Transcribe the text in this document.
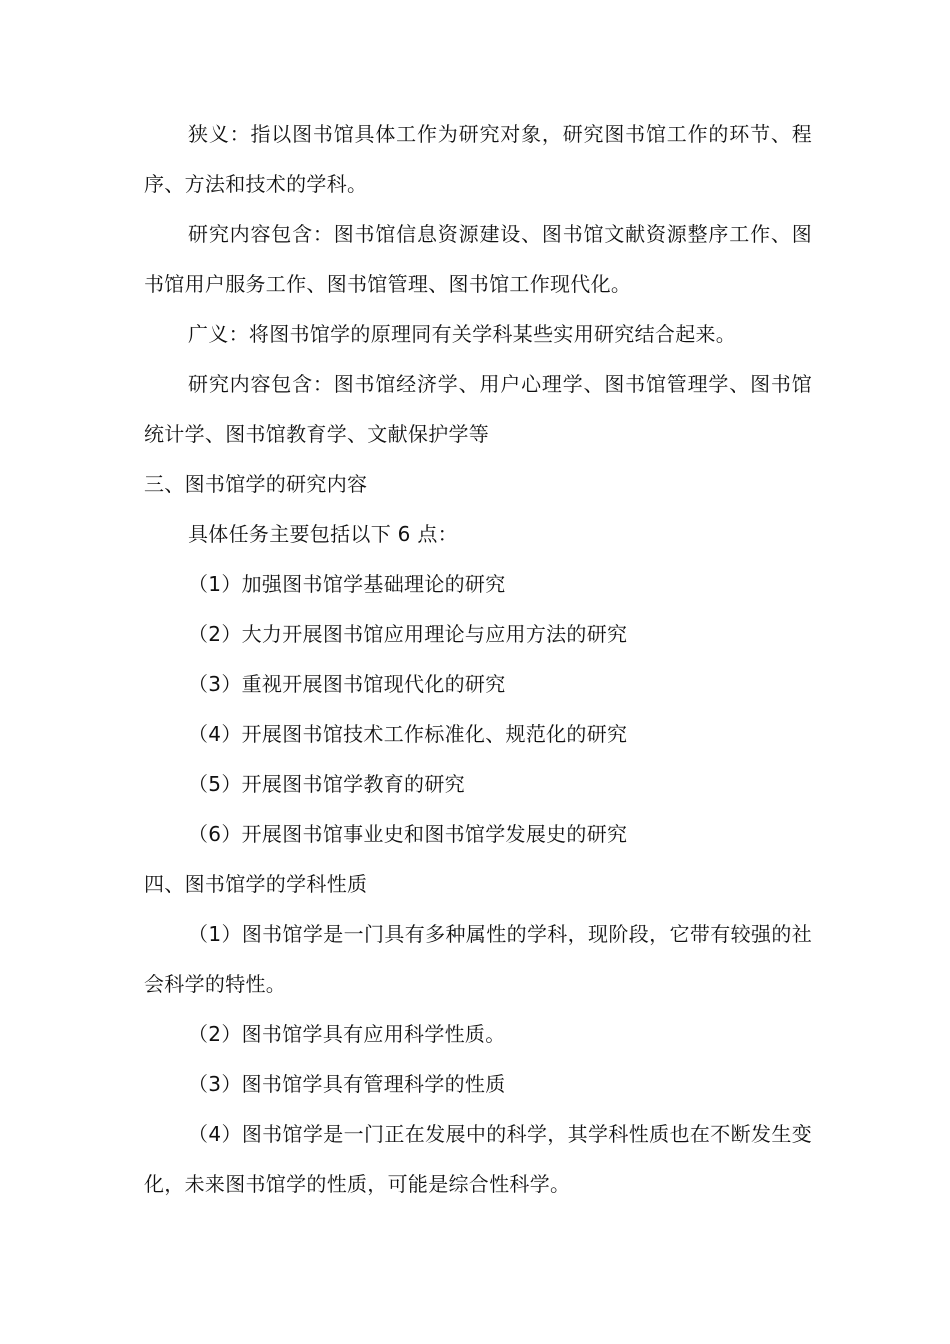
狭义：指以图书馆具体工作为研究对象，研究图书馆工作的环节、程序、方法和技术的学科。

研究内容包含：图书馆信息资源建设、图书馆文献资源整序工作、图书馆用户服务工作、图书馆管理、图书馆工作现代化。

广义：将图书馆学的原理同有关学科某些实用研究结合起来。

研究内容包含：图书馆经济学、用户心理学、图书馆管理学、图书馆统计学、图书馆教育学、文献保护学等

三、图书馆学的研究内容

具体任务主要包括以下 6 点：

（1）加强图书馆学基础理论的研究

（2）大力开展图书馆应用理论与应用方法的研究

（3）重视开展图书馆现代化的研究

（4）开展图书馆技术工作标准化、规范化的研究

（5）开展图书馆学教育的研究

（6）开展图书馆事业史和图书馆学发展史的研究

四、图书馆学的学科性质

（1）图书馆学是一门具有多种属性的学科，现阶段，它带有较强的社会科学的特性。

（2）图书馆学具有应用科学性质。

（3）图书馆学具有管理科学的性质

（4）图书馆学是一门正在发展中的科学，其学科性质也在不断发生变化，未来图书馆学的性质，可能是综合性科学。
